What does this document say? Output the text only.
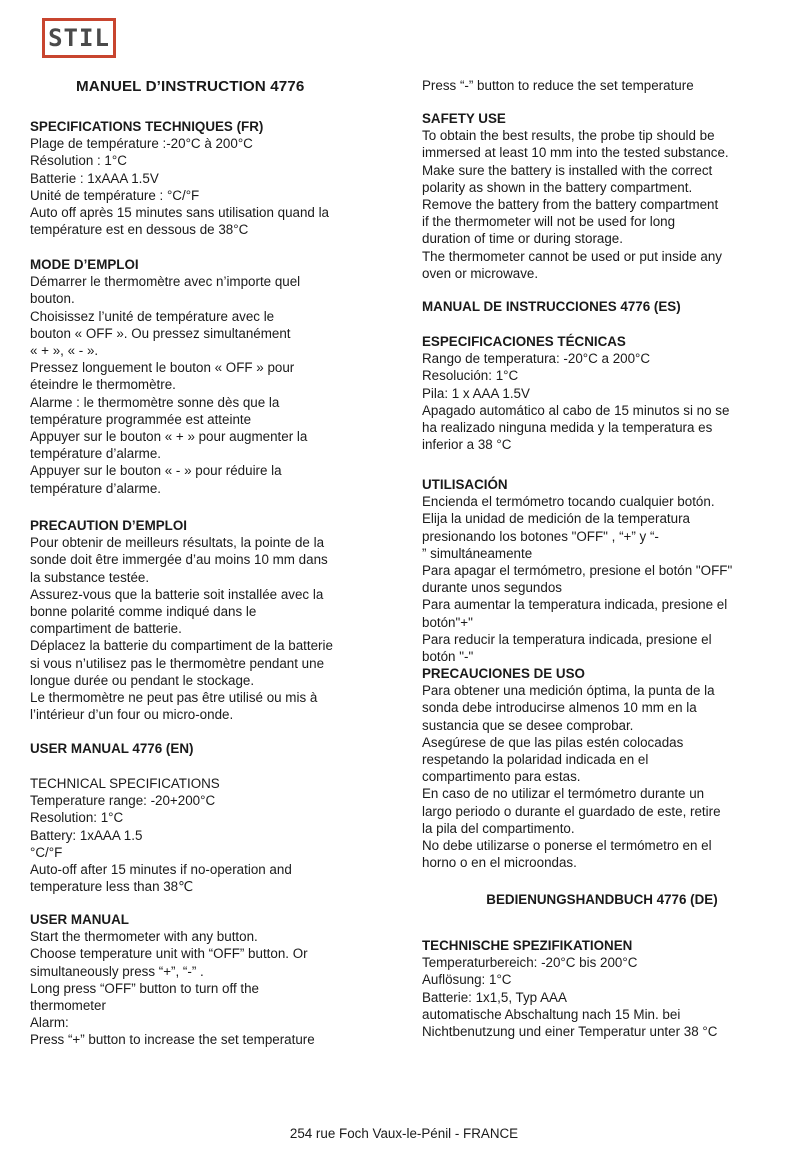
STIL
MANUEL D’INSTRUCTION 4776
SPECIFICATIONS TECHNIQUES (FR)
Plage de température :-20°C à 200°C
Résolution : 1°C
Batterie : 1xAAA 1.5V
Unité de température : °C/°F
Auto off après 15 minutes sans utilisation quand la
température est en dessous de 38°C
MODE D’EMPLOI
Démarrer le thermomètre avec n’importe quel
bouton.
Choisissez l’unité de température avec le
bouton « OFF ». Ou pressez simultanément
« + », « - ».
Pressez longuement le bouton « OFF » pour
éteindre le thermomètre.
Alarme : le thermomètre sonne dès que la
température programmée est atteinte
Appuyer sur le bouton « + » pour augmenter la
température d’alarme.
Appuyer sur le bouton « - » pour réduire la
température d’alarme.
PRECAUTION D’EMPLOI
Pour obtenir de meilleurs résultats, la pointe de la
sonde doit être immergée d’au moins 10 mm dans
la substance testée.
Assurez-vous que la batterie soit installée avec la
bonne polarité comme indiqué dans le
compartiment de batterie.
Déplacez la batterie du compartiment de la batterie
si vous n’utilisez pas le thermomètre pendant une
longue durée ou pendant le stockage.
Le thermomètre ne peut pas être utilisé ou mis à
l’intérieur d’un four ou micro-onde.
USER MANUAL 4776 (EN)
TECHNICAL SPECIFICATIONS
Temperature range: -20+200°C
Resolution: 1°C
Battery: 1xAAA 1.5
°C/°F
Auto-off after 15 minutes if no-operation and
temperature less than 38℃
USER MANUAL
Start the thermometer with any button.
Choose temperature unit with “OFF” button. Or
simultaneously press “+”, “-” .
Long press “OFF” button to turn off the
thermometer
Alarm:
Press “+” button to increase the set temperature
Press “-” button to reduce the set temperature
SAFETY USE
To obtain the best results, the probe tip should be
immersed at least 10 mm into the tested substance.
Make sure the battery is installed with the correct
polarity as shown in the battery compartment.
Remove the battery from the battery compartment
if the thermometer will not be used for long
duration of time or during storage.
The thermometer cannot be used or put inside any
oven or microwave.
MANUAL DE INSTRUCCIONES 4776 (ES)
ESPECIFICACIONES TÉCNICAS
Rango de temperatura: -20°C a 200°C
Resolución: 1°C
Pila: 1 x AAA 1.5V
Apagado automático al cabo de 15 minutos si no se
ha realizado ninguna medida y la temperatura es
inferior a 38 °C
UTILISACIÓN
Encienda el termómetro tocando cualquier botón.
Elija la unidad de medición de la temperatura
presionando los botones "OFF" , “+” y “-
” simultáneamente
Para apagar el termómetro, presione el botón "OFF"
durante unos segundos
Para aumentar la temperatura indicada, presione el
botón"+"
Para reducir la temperatura indicada, presione el
botón "-"
PRECAUCIONES DE USO
Para obtener una medición óptima, la punta de la
sonda debe introducirse almenos 10 mm en la
sustancia que se desee comprobar.
Asegúrese de que las pilas estén colocadas
respetando la polaridad indicada en el
compartimento para estas.
En caso de no utilizar el termómetro durante un
largo periodo o durante el guardado de este, retire
la pila del compartimento.
No debe utilizarse o ponerse el termómetro en el
horno o en el microondas.
BEDIENUNGSHANDBUCH 4776 (DE)
TECHNISCHE SPEZIFIKATIONEN
Temperaturbereich: -20°C bis 200°C
Auflösung: 1°C
Batterie: 1x1,5, Typ AAA
automatische Abschaltung nach 15 Min. bei
Nichtbenutzung und einer Temperatur unter 38 °C
254 rue Foch Vaux-le-Pénil - FRANCE
